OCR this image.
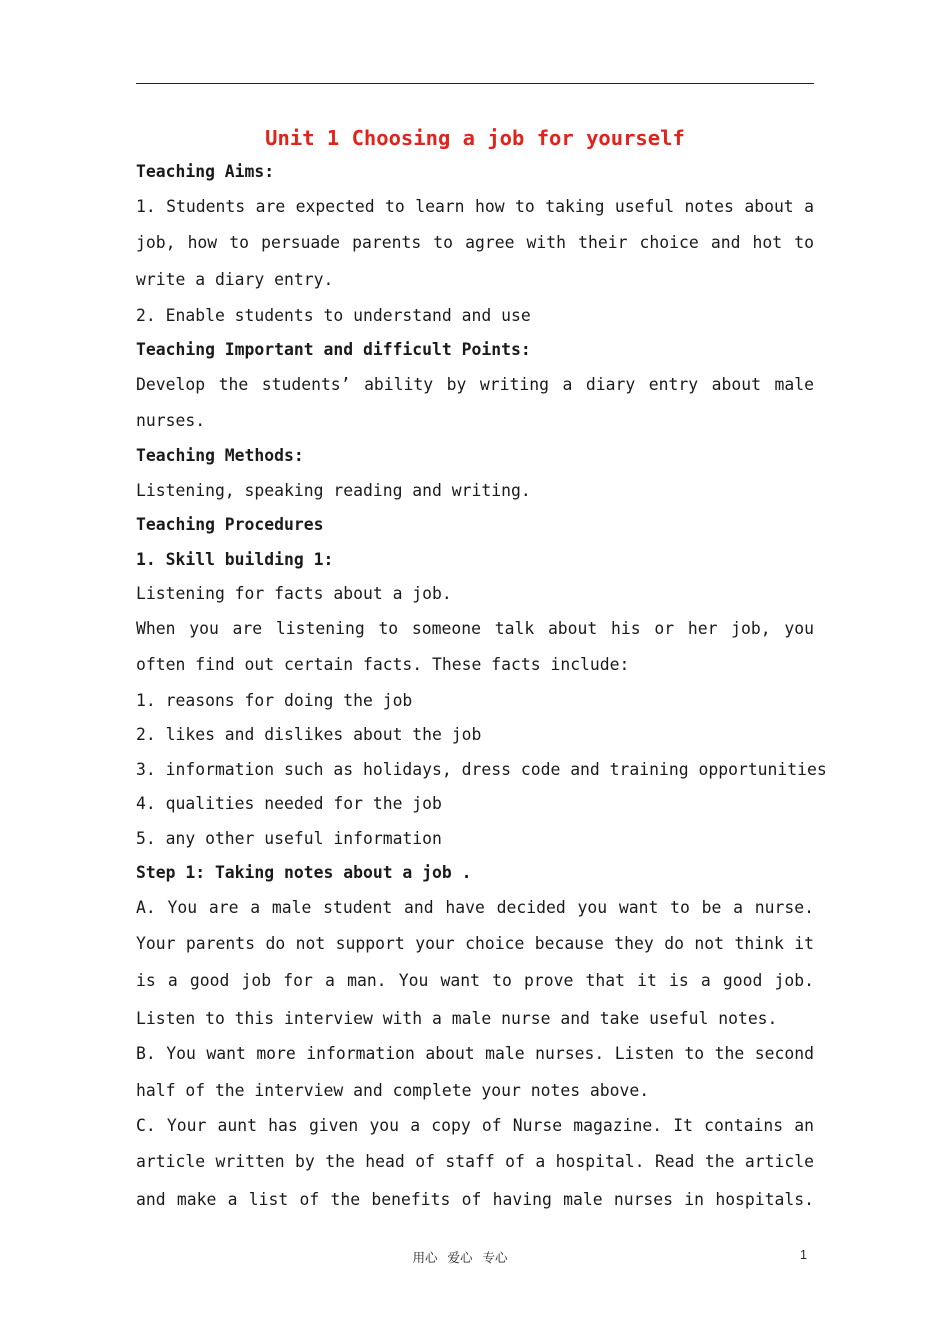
Unit 1 Choosing a job for yourself

Teaching Aims:

1. Students are expected to learn how to taking useful notes about a

job, how to persuade parents to agree with their choice and hot to

write a diary entry.

2. Enable students to understand and use

Teaching Important and difficult Points:

Develop the students’ ability by writing a diary entry about male

nurses.

Teaching Methods:

Listening, speaking reading and writing.

Teaching Procedures

1. Skill building 1:

Listening for facts about a job.

When you are listening to someone talk about his or her job, you

often find out certain facts. These facts include:

1. reasons for doing the job

2. likes and dislikes about the job

3. information such as holidays, dress code and training opportunities

4. qualities needed for the job

5. any other useful information

Step 1: Taking notes about a job .

A. You are a male student and have decided you want to be a nurse.

Your parents do not support your choice because they do not think it

is a good job for a man. You want to prove that it is a good job.

Listen to this interview with a male nurse and take useful notes.

B. You want more information about male nurses. Listen to the second

half of the interview and complete your notes above.

C. Your aunt has given you a copy of Nurse magazine. It contains an

article written by the head of staff of a hospital. Read the article

and make a list of the benefits of having male nurses in hospitals.

用心 爱心 专心	1
